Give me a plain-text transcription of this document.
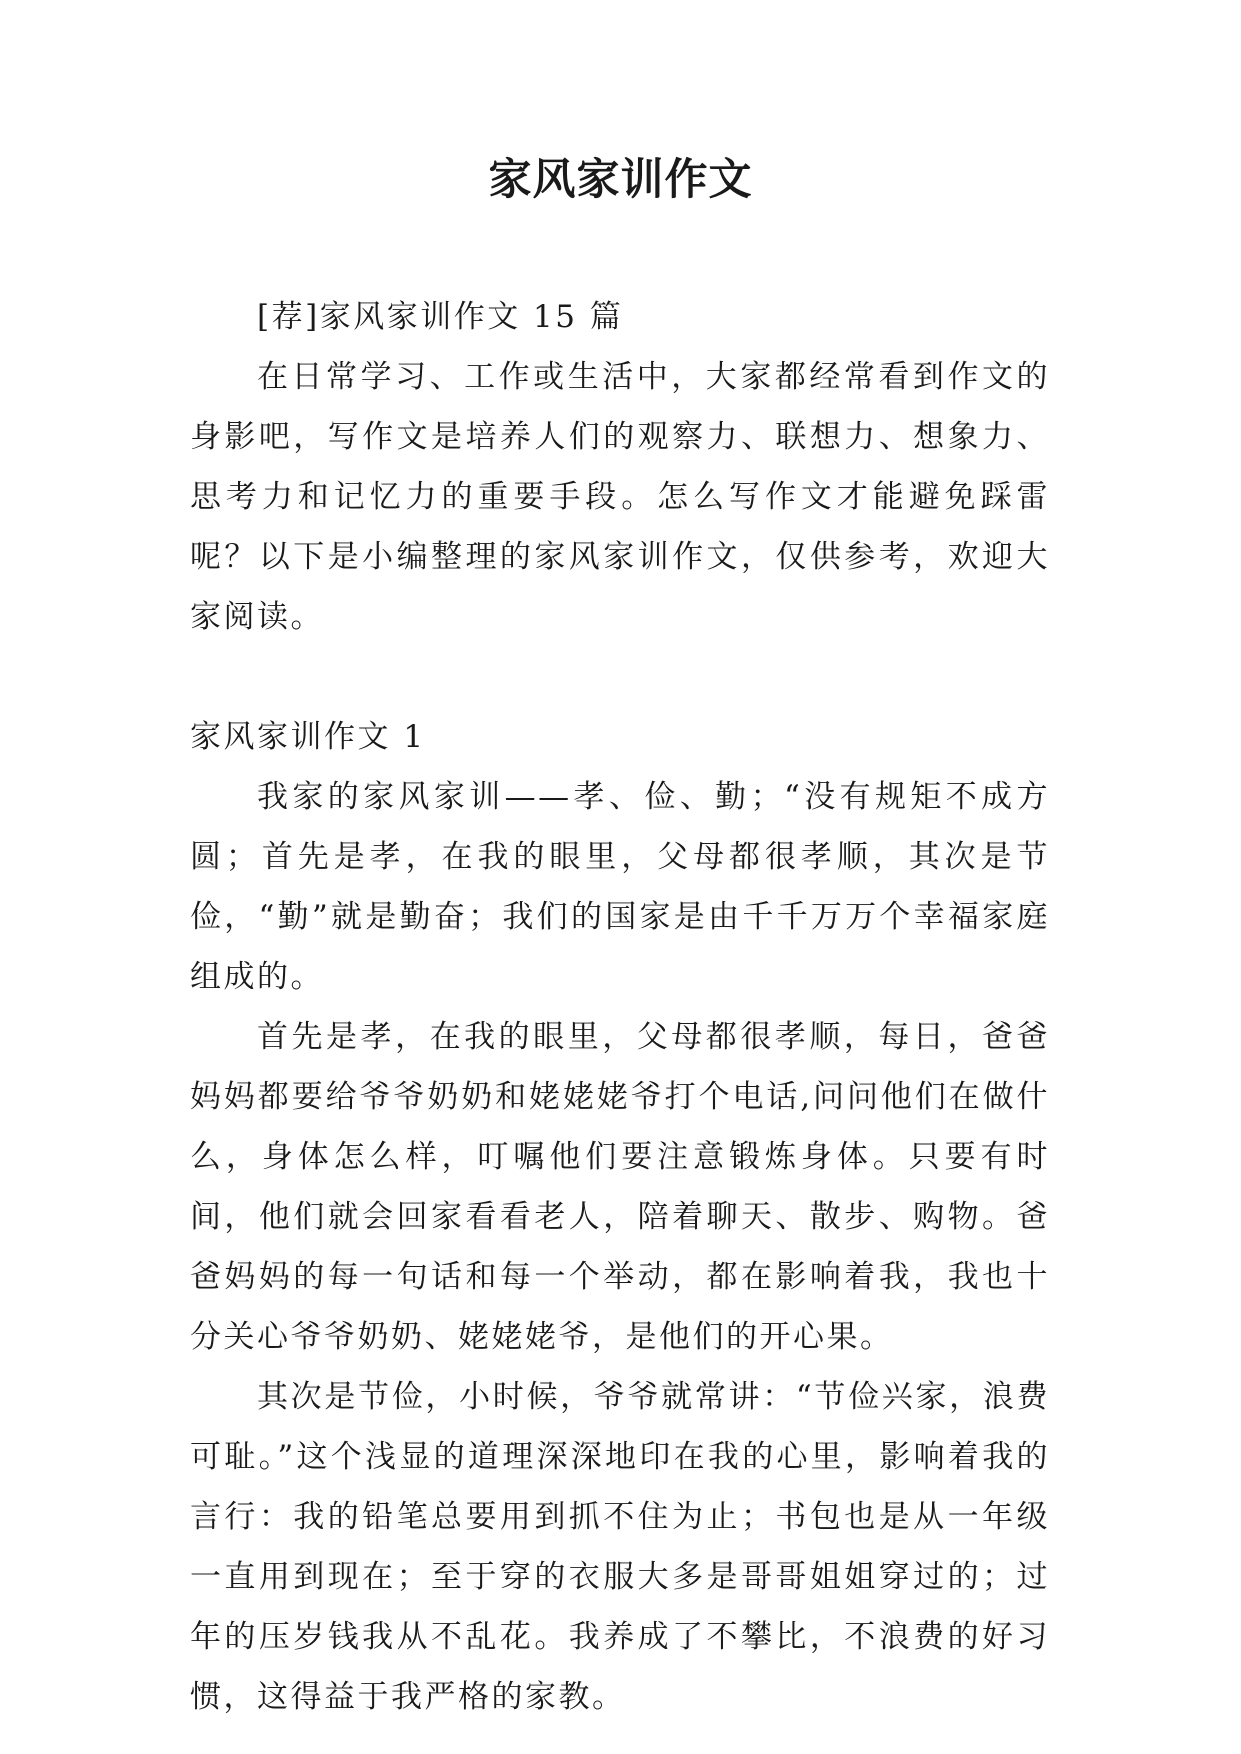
家风家训作文

[荐]家风家训作文 15 篇

在日常学习、工作或生活中，大家都经常看到作文的身影吧，写作文是培养人们的观察力、联想力、想象力、思考力和记忆力的重要手段。怎么写作文才能避免踩雷呢？以下是小编整理的家风家训作文，仅供参考，欢迎大家阅读。

家风家训作文 1

我家的家风家训——孝、俭、勤；“没有规矩不成方圆；首先是孝，在我的眼里，父母都很孝顺，其次是节俭，“勤”就是勤奋；我们的国家是由千千万万个幸福家庭组成的。

首先是孝，在我的眼里，父母都很孝顺，每日，爸爸妈妈都要给爷爷奶奶和姥姥姥爷打个电话,问问他们在做什么，身体怎么样，叮嘱他们要注意锻炼身体。只要有时间，他们就会回家看看老人，陪着聊天、散步、购物。爸爸妈妈的每一句话和每一个举动，都在影响着我，我也十分关心爷爷奶奶、姥姥姥爷，是他们的开心果。

其次是节俭，小时候，爷爷就常讲：“节俭兴家，浪费可耻。”这个浅显的道理深深地印在我的心里，影响着我的言行：我的铅笔总要用到抓不住为止；书包也是从一年级一直用到现在；至于穿的衣服大多是哥哥姐姐穿过的；过年的压岁钱我从不乱花。我养成了不攀比，不浪费的好习惯，这得益于我严格的家教。
